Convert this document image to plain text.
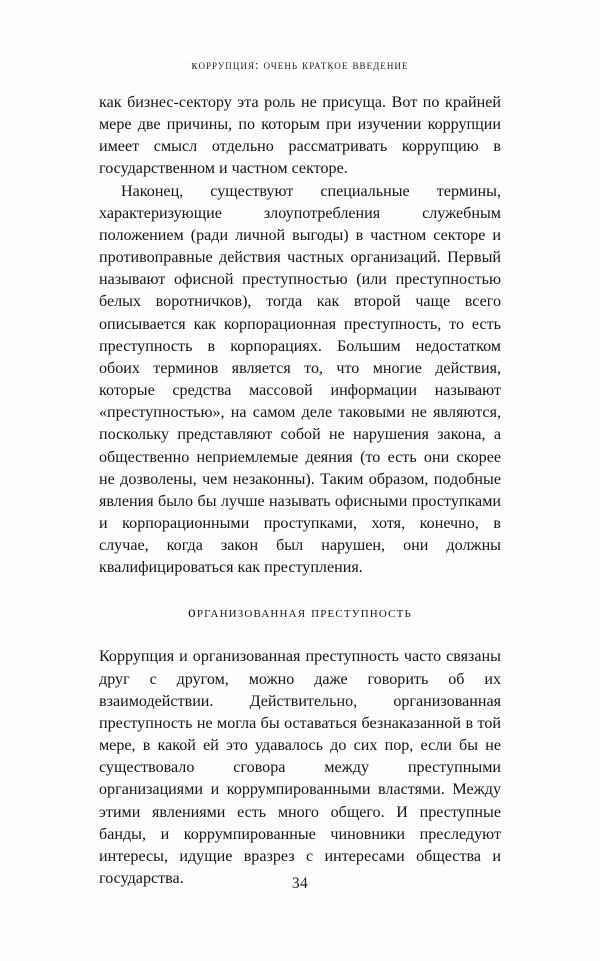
коррупция: очень краткое введение

как бизнес-сектору эта роль не присуща. Вот по крайней мере две причины, по которым при изучении коррупции имеет смысл отдельно рассматривать коррупцию в государственном и частном секторе.

Наконец, существуют специальные термины, характеризующие злоупотребления служебным положением (ради личной выгоды) в частном секторе и противоправные действия частных организаций. Первый называют офисной преступностью (или преступностью белых воротничков), тогда как второй чаще всего описывается как корпорационная преступность, то есть преступность в корпорациях. Большим недостатком обоих терминов является то, что многие действия, которые средства массовой информации называют «преступностью», на самом деле таковыми не являются, поскольку представляют собой не нарушения закона, а общественно неприемлемые деяния (то есть они скорее не дозволены, чем незаконны). Таким образом, подобные явления было бы лучше называть офисными проступками и корпорационными проступками, хотя, конечно, в случае, когда закон был нарушен, они должны квалифицироваться как преступления.

организованная преступность

Коррупция и организованная преступность часто связаны друг с другом, можно даже говорить об их взаимодействии. Действительно, организованная преступность не могла бы оставаться безнаказанной в той мере, в какой ей это удавалось до сих пор, если бы не существовало сговора между преступными организациями и коррумпированными властями. Между этими явлениями есть много общего. И преступные банды, и коррумпированные чиновники преследуют интересы, идущие вразрез с интересами общества и государства.	34
